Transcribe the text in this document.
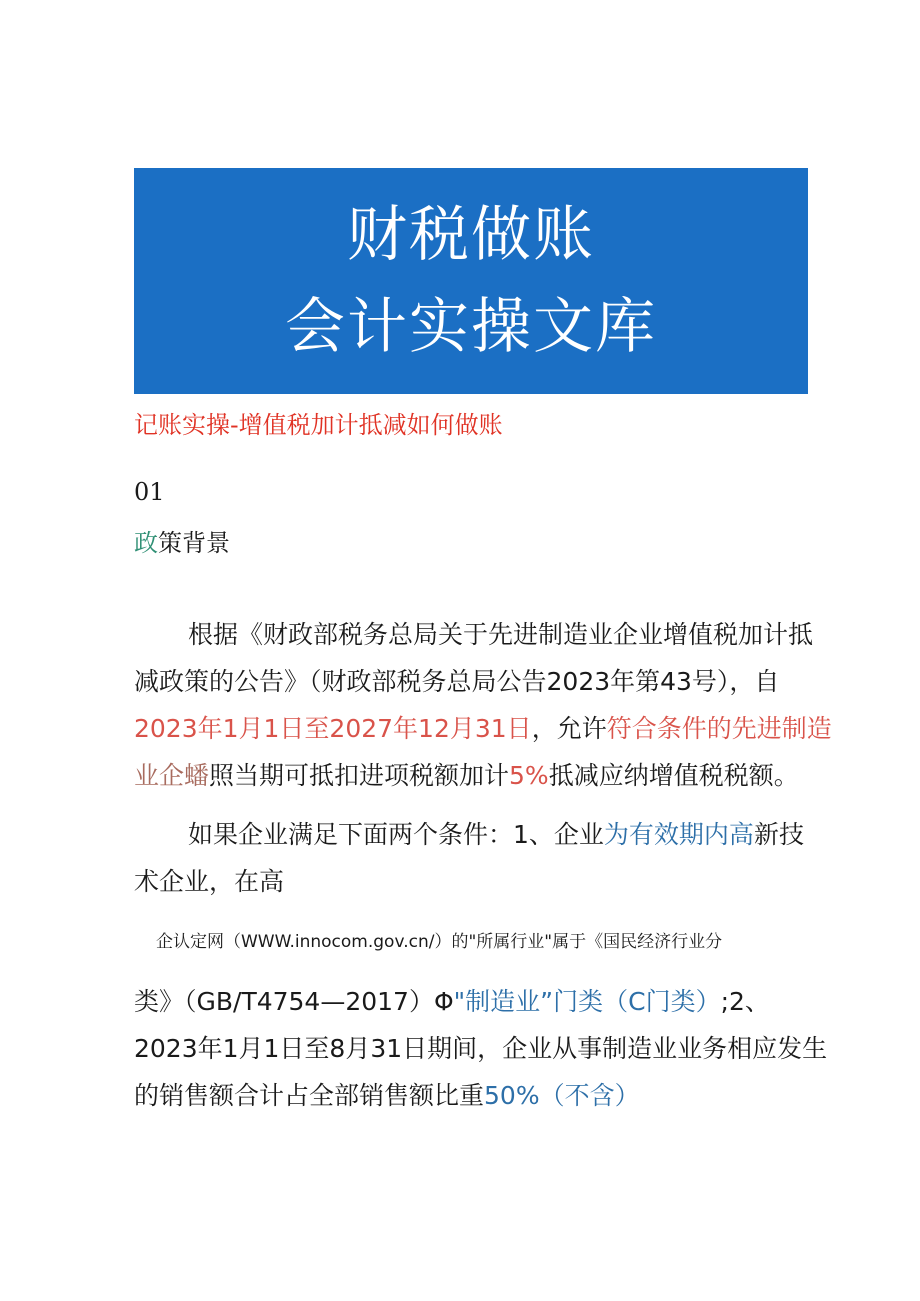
财税做账
会计实操文库
记账实操-增值税加计抵减如何做账
01
政策背景
根据《财政部税务总局关于先进制造业企业增值税加计抵
减政策的公告》（财政部税务总局公告2023年第43号），自
2023年1月1日至2027年12月31日，允许符合条件的先进制造
业企蟠照当期可抵扣进项税额加计5%抵减应纳增值税税额。
如果企业满足下面两个条件：1、企业为有效期内高新技
术企业，在高
企认定网（WWW.innocom.gov.cn/）的"所属行业"属于《国民经济行业分
类》（GB/T4754—2017）Φ"制造业”门类（C门类）;2、
2023年1月1日至8月31日期间，企业从事制造业业务相应发生
的销售额合计占全部销售额比重50%（不含）
